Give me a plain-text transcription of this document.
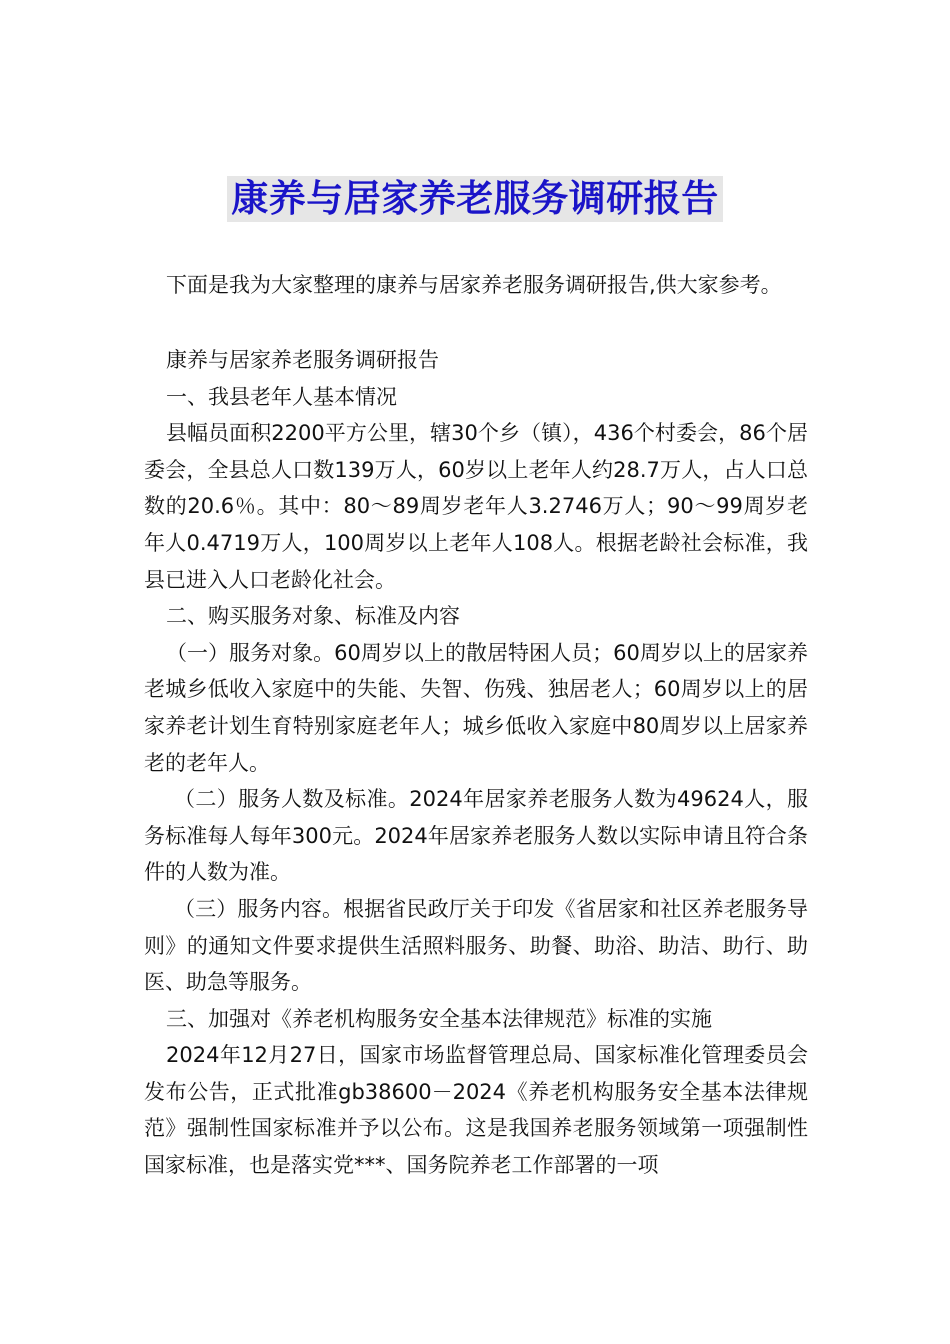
康养与居家养老服务调研报告
下面是我为大家整理的康养与居家养老服务调研报告,供大家参考。

康养与居家养老服务调研报告

一、我县老年人基本情况

县幅员面积2200平方公里，辖30个乡（镇），436个村委会，86个居委会，全县总人口数139万人，60岁以上老年人约28.7万人，占人口总数的20.6％。其中：80～89周岁老年人3.2746万人；90～99周岁老年人0.4719万人，100周岁以上老年人108人。根据老龄社会标准，我县已进入人口老龄化社会。

二、购买服务对象、标准及内容

（一）服务对象。60周岁以上的散居特困人员；60周岁以上的居家养老城乡低收入家庭中的失能、失智、伤残、独居老人；60周岁以上的居家养老计划生育特别家庭老年人；城乡低收入家庭中80周岁以上居家养老的老年人。

（二）服务人数及标准。2024年居家养老服务人数为49624人，服务标准每人每年300元。2024年居家养老服务人数以实际申请且符合条件的人数为准。

（三）服务内容。根据省民政厅关于印发《省居家和社区养老服务导则》的通知文件要求提供生活照料服务、助餐、助浴、助洁、助行、助医、助急等服务。

三、加强对《养老机构服务安全基本法律规范》标准的实施

2024年12月27日，国家市场监督管理总局、国家标准化管理委员会发布公告，正式批准gb38600－2024《养老机构服务安全基本法律规范》强制性国家标准并予以公布。这是我国养老服务领域第一项强制性国家标准，也是落实党***、国务院养老工作部署的一项
